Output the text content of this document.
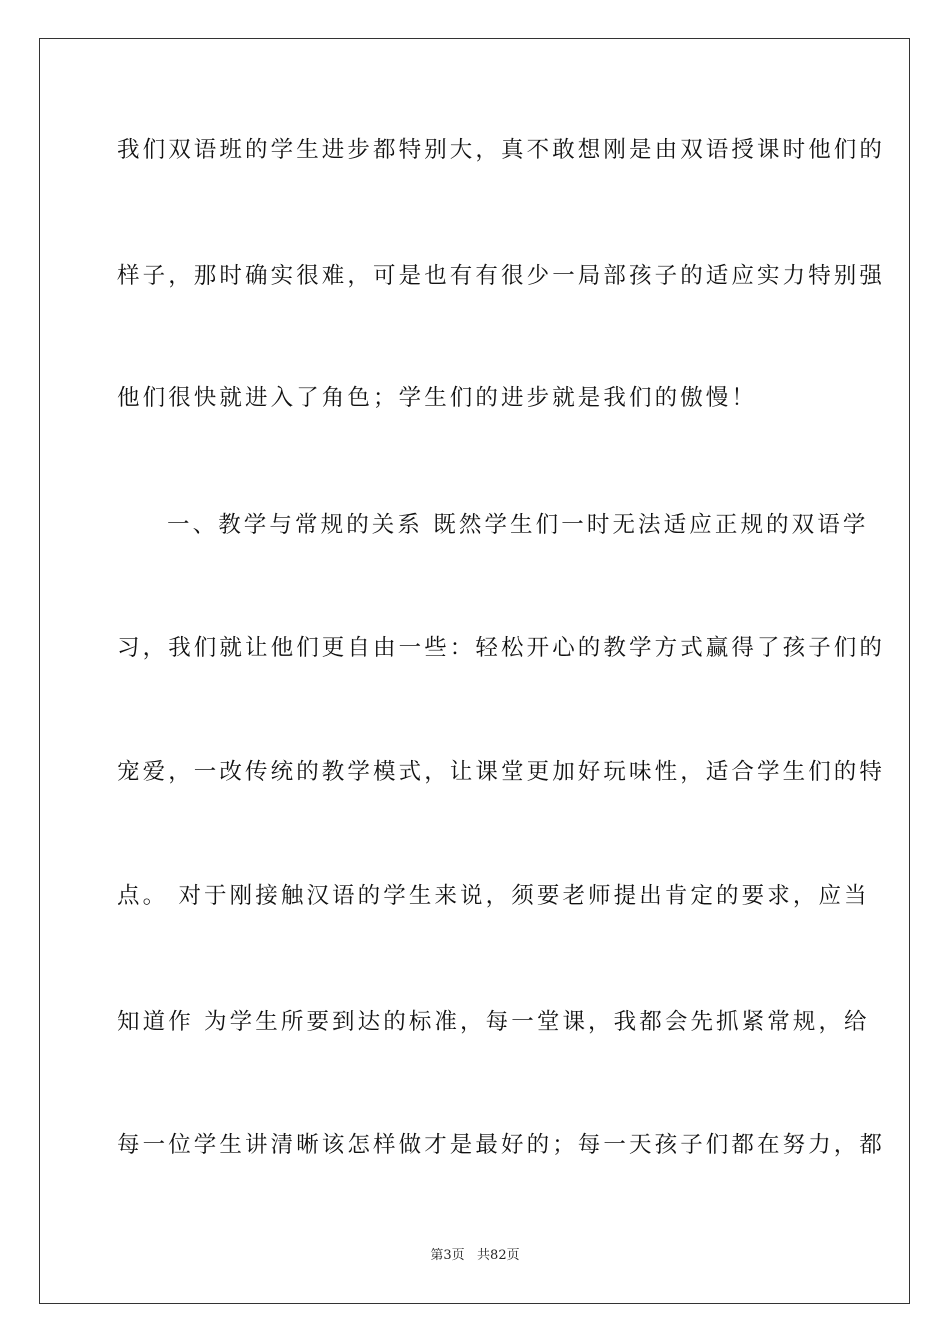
我们双语班的学生进步都特别大，真不敢想刚是由双语授课时他们的
样子，那时确实很难，可是也有有很少一局部孩子的适应实力特别强
他们很快就进入了角色；学生们的进步就是我们的傲慢！
一、教学与常规的关系 既然学生们一时无法适应正规的双语学
习，我们就让他们更自由一些：轻松开心的教学方式赢得了孩子们的
宠爱，一改传统的教学模式，让课堂更加好玩味性，适合学生们的特
点。 对于刚接触汉语的学生来说，须要老师提出肯定的要求，应当
知道作 为学生所要到达的标准，每一堂课，我都会先抓紧常规，给
每一位学生讲清晰该怎样做才是最好的；每一天孩子们都在努力，都
第3页   共82页
